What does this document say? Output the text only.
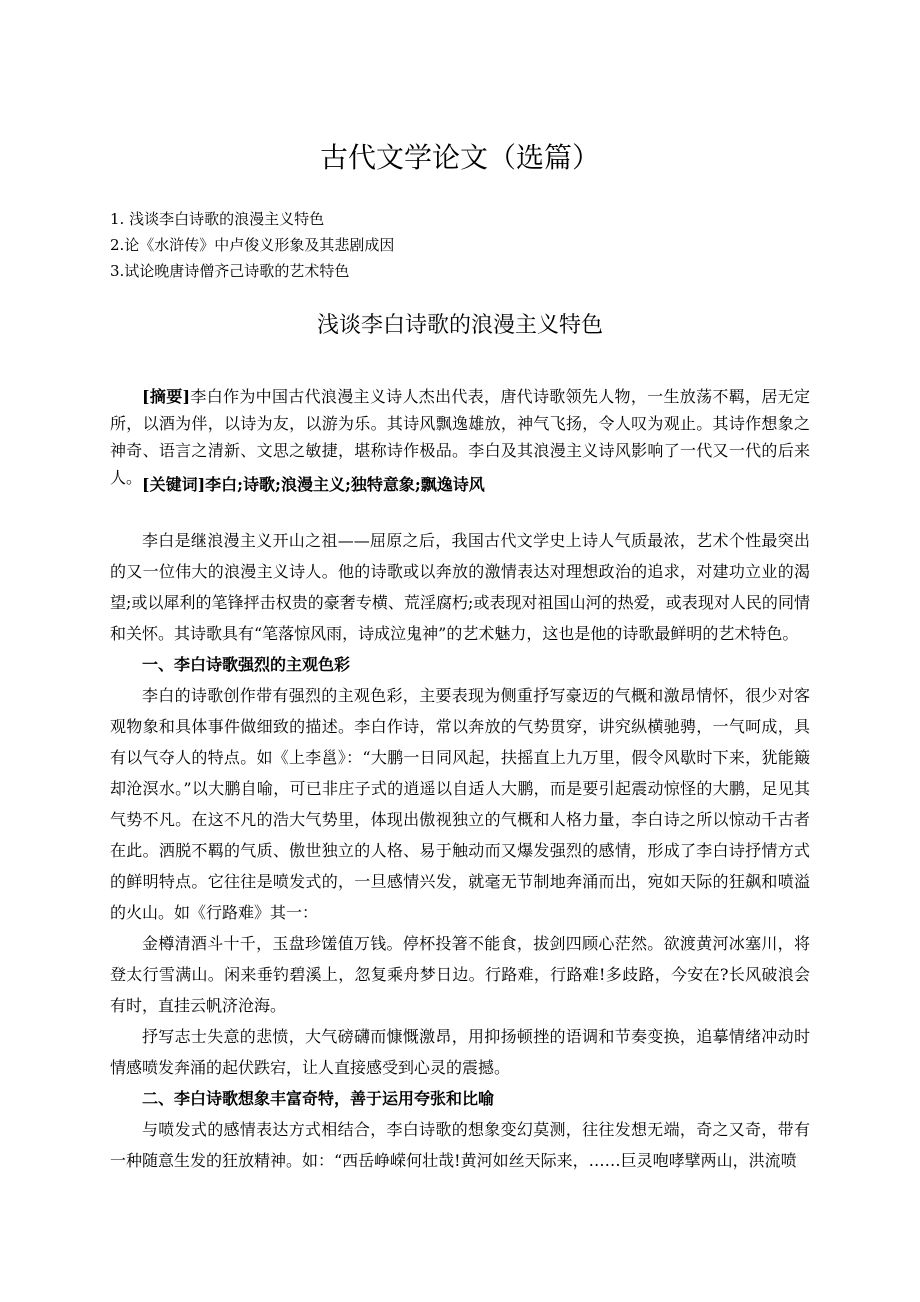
古代文学论文（选篇）
1. 浅谈李白诗歌的浪漫主义特色
2.论《水浒传》中卢俊义形象及其悲剧成因
3.试论晚唐诗僧齐己诗歌的艺术特色
浅谈李白诗歌的浪漫主义特色

[摘要]李白作为中国古代浪漫主义诗人杰出代表，唐代诗歌领先人物，一生放荡不羁，居无定所，以酒为伴，以诗为友，以游为乐。其诗风飘逸雄放，神气飞扬，令人叹为观止。其诗作想象之神奇、语言之清新、文思之敏捷，堪称诗作极品。李白及其浪漫主义诗风影响了一代又一代的后来人。 [关键词]李白;诗歌;浪漫主义;独特意象;飘逸诗风

李白是继浪漫主义开山之祖——屈原之后，我国古代文学史上诗人气质最浓，艺术个性最突出的又一位伟大的浪漫主义诗人。他的诗歌或以奔放的激情表达对理想政治的追求，对建功立业的渴望;或以犀利的笔锋抨击权贵的豪奢专横、荒淫腐朽;或表现对祖国山河的热爱，或表现对人民的同情和关怀。其诗歌具有“笔落惊风雨，诗成泣鬼神”的艺术魅力，这也是他的诗歌最鲜明的艺术特色。

一、李白诗歌强烈的主观色彩

李白的诗歌创作带有强烈的主观色彩，主要表现为侧重抒写豪迈的气概和激昂情怀，很少对客观物象和具体事件做细致的描述。李白作诗，常以奔放的气势贯穿，讲究纵横驰骋，一气呵成，具有以气夺人的特点。如《上李邕》：“大鹏一日同风起，扶摇直上九万里，假令风歇时下来，犹能簸却沧溟水。”以大鹏自喻，可已非庄子式的逍遥以自适人大鹏，而是要引起震动惊怪的大鹏，足见其气势不凡。在这不凡的浩大气势里，体现出傲视独立的气概和人格力量，李白诗之所以惊动千古者在此。洒脱不羁的气质、傲世独立的人格、易于触动而又爆发强烈的感情，形成了李白诗抒情方式的鲜明特点。它往往是喷发式的，一旦感情兴发，就毫无节制地奔涌而出，宛如天际的狂飙和喷溢的火山。如《行路难》其一：

金樽清酒斗十千，玉盘珍馐值万钱。停杯投箸不能食，拔剑四顾心茫然。欲渡黄河冰塞川，将登太行雪满山。闲来垂钓碧溪上，忽复乘舟梦日边。行路难，行路难!多歧路，今安在?长风破浪会有时，直挂云帆济沧海。

抒写志士失意的悲愤，大气磅礴而慷慨激昂，用抑扬顿挫的语调和节奏变换，追摹情绪冲动时情感喷发奔涌的起伏跌宕，让人直接感受到心灵的震撼。

二、李白诗歌想象丰富奇特，善于运用夸张和比喻

与喷发式的感情表达方式相结合，李白诗歌的想象变幻莫测，往往发想无端，奇之又奇，带有一种随意生发的狂放精神。如：“西岳峥嵘何壮哉!黄河如丝天际来，……巨灵咆哮擘两山，洪流喷
